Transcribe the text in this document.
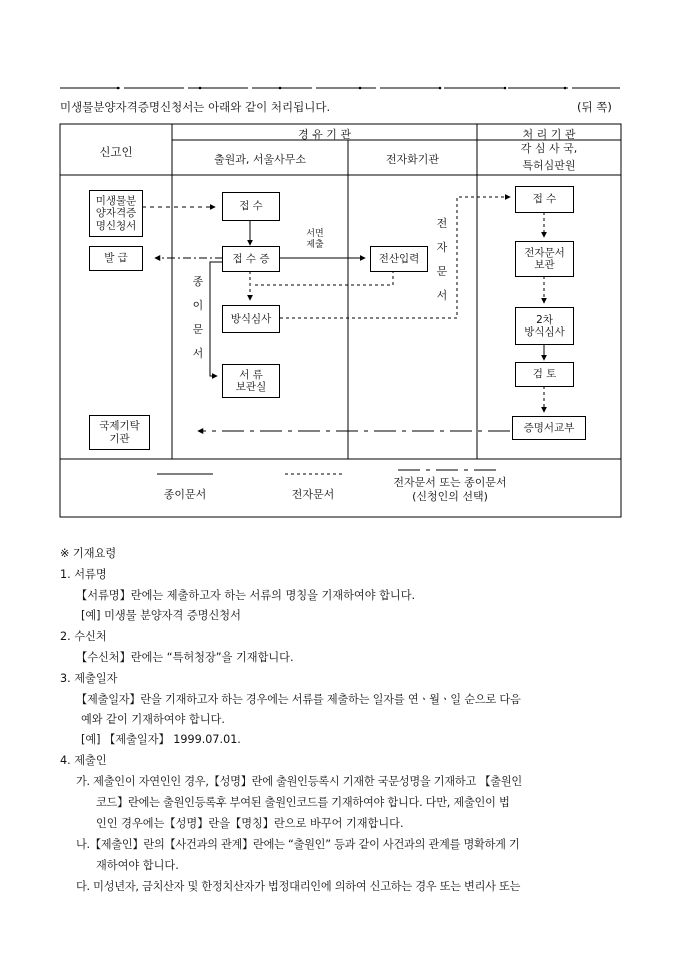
미생물분양자격증명신청서는 아래와 같이 처리됩니다.	(뒤 쪽)
신고인
경 유 기 관
출원과, 서울사무소	전자화기관
처 리 기 관
각 심 사 국,
특허심판원
미생물분
양자격증
명신청서
발 급
국제기탁
기관
접 수
접 수 증
방식심사
서 류
보관실
서면
제출
종
이
문
서
전산입력
전
자
문
서
접 수
전자문서
보관
2차
방식심사
검 토
증명서교부
종이문서	전자문서
전자문서 또는 종이문서
(신청인의 선택)
※ 기재요령
1. 서류명
【서류명】란에는 제출하고자 하는 서류의 명칭을 기재하여야 합니다.
[예] 미생물 분양자격 증명신청서
2. 수신처
【수신처】란에는 “특허청장”을 기재합니다.
3. 제출일자
【제출일자】란을 기재하고자 하는 경우에는 서류를 제출하는 일자를 연ㆍ월ㆍ일 순으로 다음
예와 같이 기재하여야 합니다.
[예] 【제출일자】 1999.07.01.
4. 제출인
가. 제출인이 자연인인 경우,【성명】란에 출원인등록시 기재한 국문성명을 기재하고 【출원인
코드】란에는 출원인등록후 부여된 출원인코드를 기재하여야 합니다. 다만, 제출인이 법
인인 경우에는【성명】란을【명칭】란으로 바꾸어 기재합니다.
나.【제출인】란의【사건과의 관계】란에는 “출원인” 등과 같이 사건과의 관계를 명확하게 기
재하여야 합니다.
다. 미성년자, 금치산자 및 한정치산자가 법정대리인에 의하여 신고하는 경우 또는 변리사 또는
